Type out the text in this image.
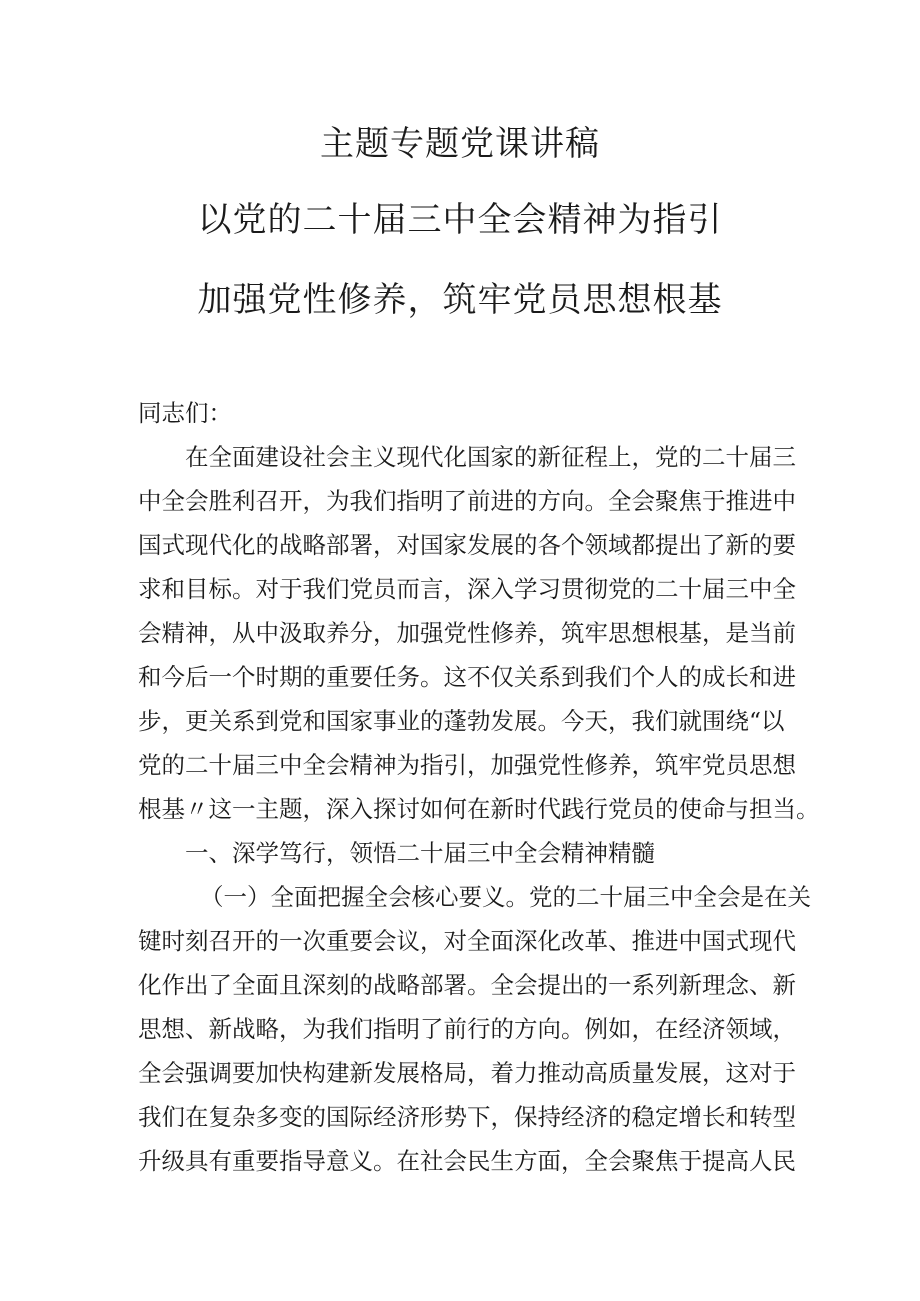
主题专题党课讲稿
以党的二十届三中全会精神为指引
加强党性修养，筑牢党员思想根基
同志们：
在全面建设社会主义现代化国家的新征程上，党的二十届三
中全会胜利召开，为我们指明了前进的方向。全会聚焦于推进中
国式现代化的战略部署，对国家发展的各个领域都提出了新的要
求和目标。对于我们党员而言，深入学习贯彻党的二十届三中全
会精神，从中汲取养分，加强党性修养，筑牢思想根基，是当前
和今后一个时期的重要任务。这不仅关系到我们个人的成长和进
步，更关系到党和国家事业的蓬勃发展。今天，我们就围绕“以
党的二十届三中全会精神为指引，加强党性修养，筑牢党员思想
根基〃这一主题，深入探讨如何在新时代践行党员的使命与担当。
一、深学笃行，领悟二十届三中全会精神精髓
（一）全面把握全会核心要义。党的二十届三中全会是在关
键时刻召开的一次重要会议，对全面深化改革、推进中国式现代
化作出了全面且深刻的战略部署。全会提出的一系列新理念、新
思想、新战略，为我们指明了前行的方向。例如，在经济领域，
全会强调要加快构建新发展格局，着力推动高质量发展，这对于
我们在复杂多变的国际经济形势下，保持经济的稳定增长和转型
升级具有重要指导意义。在社会民生方面，全会聚焦于提高人民
